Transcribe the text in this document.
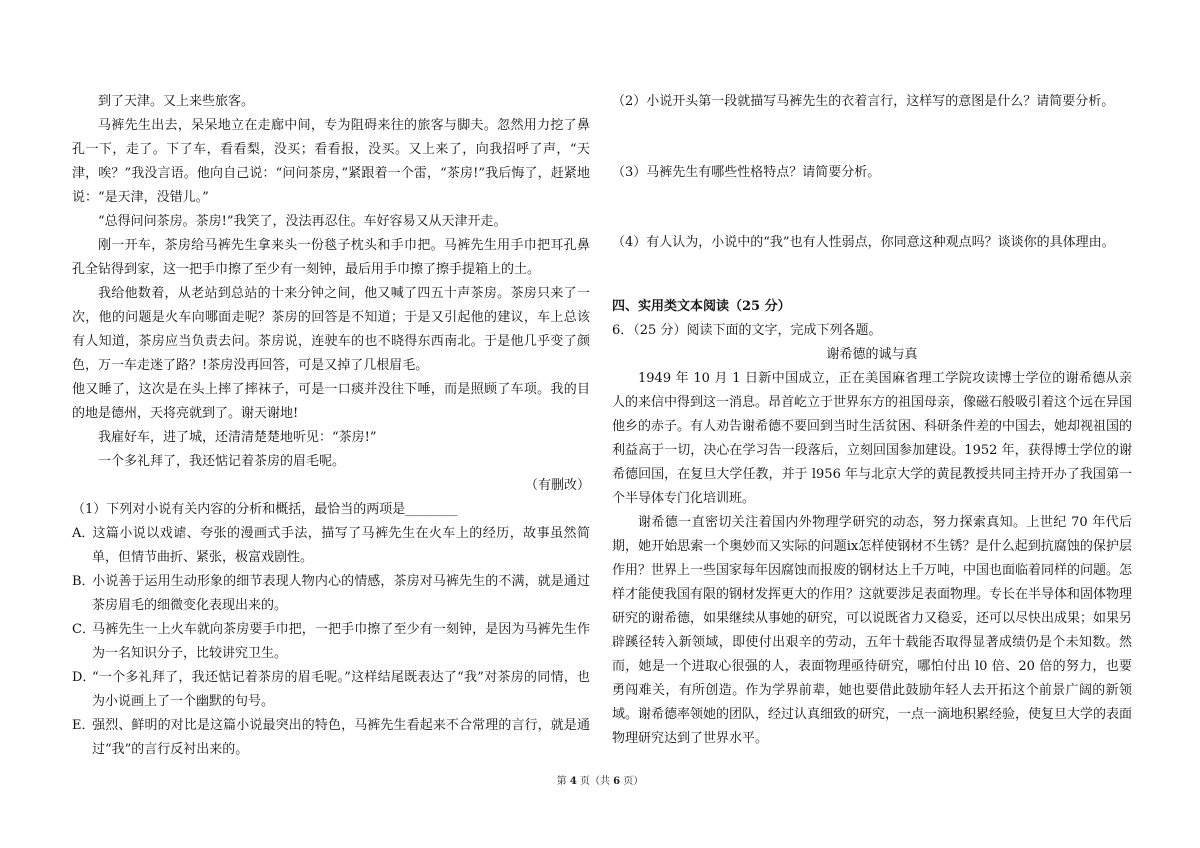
到了天津。又上来些旅客。

马裤先生出去，呆呆地立在走廊中间，专为阻碍来往的旅客与脚夫。忽然用力挖了鼻孔一下，走了。下了车，看看梨，没买；看看报，没买。又上来了，向我招呼了声，“天津，唉？”我没言语。他向自己说：“问问茶房，”紧跟着一个雷，“茶房!”我后悔了，赶紧地说：“是天津，没错儿。”

“总得问问茶房。茶房!”我笑了，没法再忍住。车好容易又从天津开走。

刚一开车，茶房给马裤先生拿来头一份毯子枕头和手巾把。马裤先生用手巾把耳孔鼻孔全钻得到家，这一把手巾擦了至少有一刻钟，最后用手巾擦了擦手提箱上的土。

我给他数着，从老站到总站的十来分钟之间，他又喊了四五十声茶房。茶房只来了一次，他的问题是火车向哪面走呢？茶房的回答是不知道；于是又引起他的建议，车上总该有人知道，茶房应当负责去问。茶房说，连驶车的也不晓得东西南北。于是他几乎变了颜色，万一车走迷了路？!茶房没再回答，可是又掉了几根眉毛。

他又睡了，这次是在头上摔了摔袜子，可是一口痰并没往下唾，而是照顾了车项。我的目的地是德州，天将亮就到了。谢天谢地!

我雇好车，进了城，还清清楚楚地听见：“茶房!”

一个多礼拜了，我还惦记着茶房的眉毛呢。

（有删改）

（1）下列对小说有关内容的分析和概括，最恰当的两项是________

A．这篇小说以戏谑、夸张的漫画式手法，描写了马裤先生在火车上的经历，故事虽然简单，但情节曲折、紧张，极富戏剧性。

B．小说善于运用生动形象的细节表现人物内心的情感，茶房对马裤先生的不满，就是通过茶房眉毛的细微变化表现出来的。

C．马裤先生一上火车就向茶房要手巾把，一把手巾擦了至少有一刻钟，是因为马裤先生作为一名知识分子，比较讲究卫生。

D．“一个多礼拜了，我还惦记着茶房的眉毛呢。”这样结尾既表达了“我”对茶房的同情，也为小说画上了一个幽默的句号。

E．强烈、鲜明的对比是这篇小说最突出的特色，马裤先生看起来不合常理的言行，就是通过“我”的言行反衬出来的。

（2）小说开头第一段就描写马裤先生的衣着言行，这样写的意图是什么？请简要分析。

（3）马裤先生有哪些性格特点？请简要分析。

（4）有人认为，小说中的“我”也有人性弱点，你同意这种观点吗？谈谈你的具体理由。

四、实用类文本阅读（25 分）

6．（25 分）阅读下面的文字，完成下列各题。

谢希德的诚与真

1949 年 10 月 1 日新中国成立，正在美国麻省理工学院攻读博士学位的谢希德从亲人的来信中得到这一消息。昂首屹立于世界东方的祖国母亲，像磁石般吸引着这个远在异国他乡的赤子。有人劝告谢希德不要回到当时生活贫困、科研条件差的中国去，她却视祖国的利益高于一切，决心在学习告一段落后，立刻回国参加建设。1952 年，获得博士学位的谢希德回国，在复旦大学任教，并于 l956 年与北京大学的黄昆教授共同主持开办了我国第一个半导体专门化培训班。

谢希德一直密切关注着国内外物理学研究的动态，努力探索真知。上世纪 70 年代后期，她开始思索一个奥妙而又实际的问题ⅸ怎样使钢材不生锈？是什么起到抗腐蚀的保护层作用？世界上一些国家每年因腐蚀而报废的钢材达上千万吨，中国也面临着同样的问题。怎样才能使我国有限的钢材发挥更大的作用？这就要涉足表面物理。专长在半导体和固体物理研究的谢希德，如果继续从事她的研究，可以说既省力又稳妥，还可以尽快出成果；如果另辟蹊径转入新领域，即使付出艰辛的劳动，五年十载能否取得显著成绩仍是个未知数。然而，她是一个进取心很强的人，表面物理亟待研究，哪怕付出 l0 倍、20 倍的努力，也要勇闯难关，有所创造。作为学界前辈，她也要借此鼓励年轻人去开拓这个前景广阔的新领域。谢希德率领她的团队，经过认真细致的研究，一点一滴地积累经验，使复旦大学的表面物理研究达到了世界水平。

第 4 页（共 6 页）
